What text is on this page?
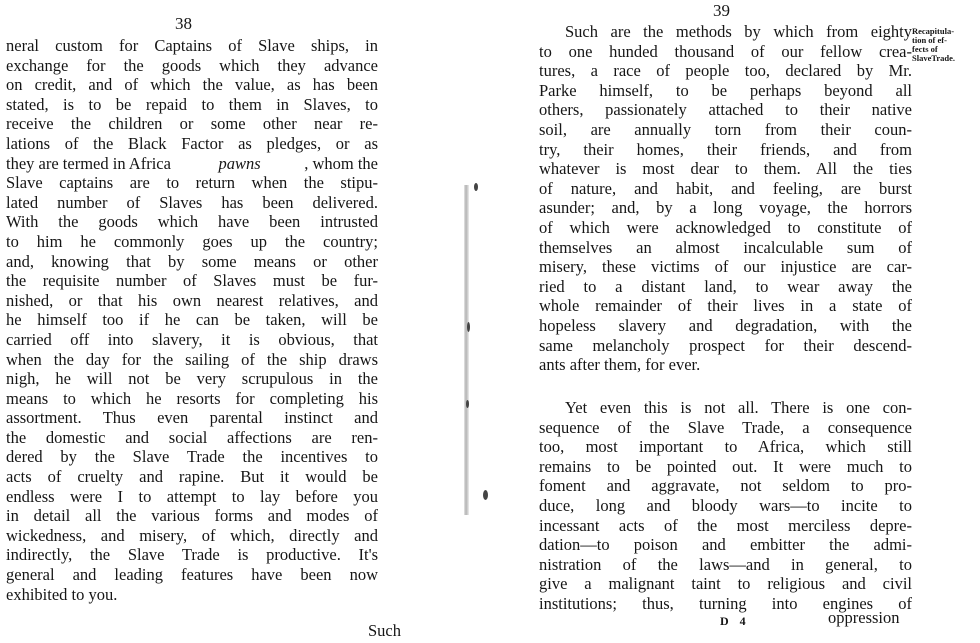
38
neral custom for Captains of Slave ships, in
exchange for the goods which they advance
on credit, and of which the value, as has been
stated, is to be repaid to them in Slaves, to
receive the children or some other near re-
lations of the Black Factor as pledges, or as
they are termed in Africa	pawns	, whom the
Slave captains are to return when the stipu-
lated number of Slaves has been delivered.
With the goods which have been intrusted
to him he commonly goes up the country;
and, knowing that by some means or other
the requisite number of Slaves must be fur-
nished, or that his own nearest relatives, and
he himself too if he can be taken, will be
carried off into slavery, it is obvious, that
when the day for the sailing of the ship draws
nigh, he will not be very scrupulous in the
means to which he resorts for completing his
assortment. Thus even parental instinct and
the domestic and social affections are ren-
dered by the Slave Trade the incentives to
acts of cruelty and rapine. But it would be
endless were I to attempt to lay before you
in detail all the various forms and modes of
wickedness, and misery, of which, directly and
indirectly, the Slave Trade is productive. It's
general and leading features have been now
exhibited to you.
Such
39
Recapitula-
tion of ef-
fects of
SlaveTrade.
Such are the methods by which from eighty
to one hunded thousand of our fellow crea-
tures, a race of people too, declared by Mr.
Parke himself, to be perhaps beyond all
others, passionately attached to their native
soil, are annually torn from their coun-
try, their homes, their friends, and from
whatever is most dear to them. All the ties
of nature, and habit, and feeling, are burst
asunder; and, by a long voyage, the horrors
of which were acknowledged to constitute of
themselves an almost incalculable sum of
misery, these victims of our injustice are car-
ried to a distant land, to wear away the
whole remainder of their lives in a state of
hopeless slavery and degradation, with the
same melancholy prospect for their descend-
ants after them, for ever.
Yet even this is not all. There is one con-
sequence of the Slave Trade, a consequence
too, most important to Africa, which still
remains to be pointed out. It were much to
foment and aggravate, not seldom to pro-
duce, long and bloody wars—to incite to
incessant acts of the most merciless depre-
dation—to poison and embitter the admi-
nistration of the laws—and in general, to
give a malignant taint to religious and civil
institutions; thus, turning into engines of
D 4	oppression
